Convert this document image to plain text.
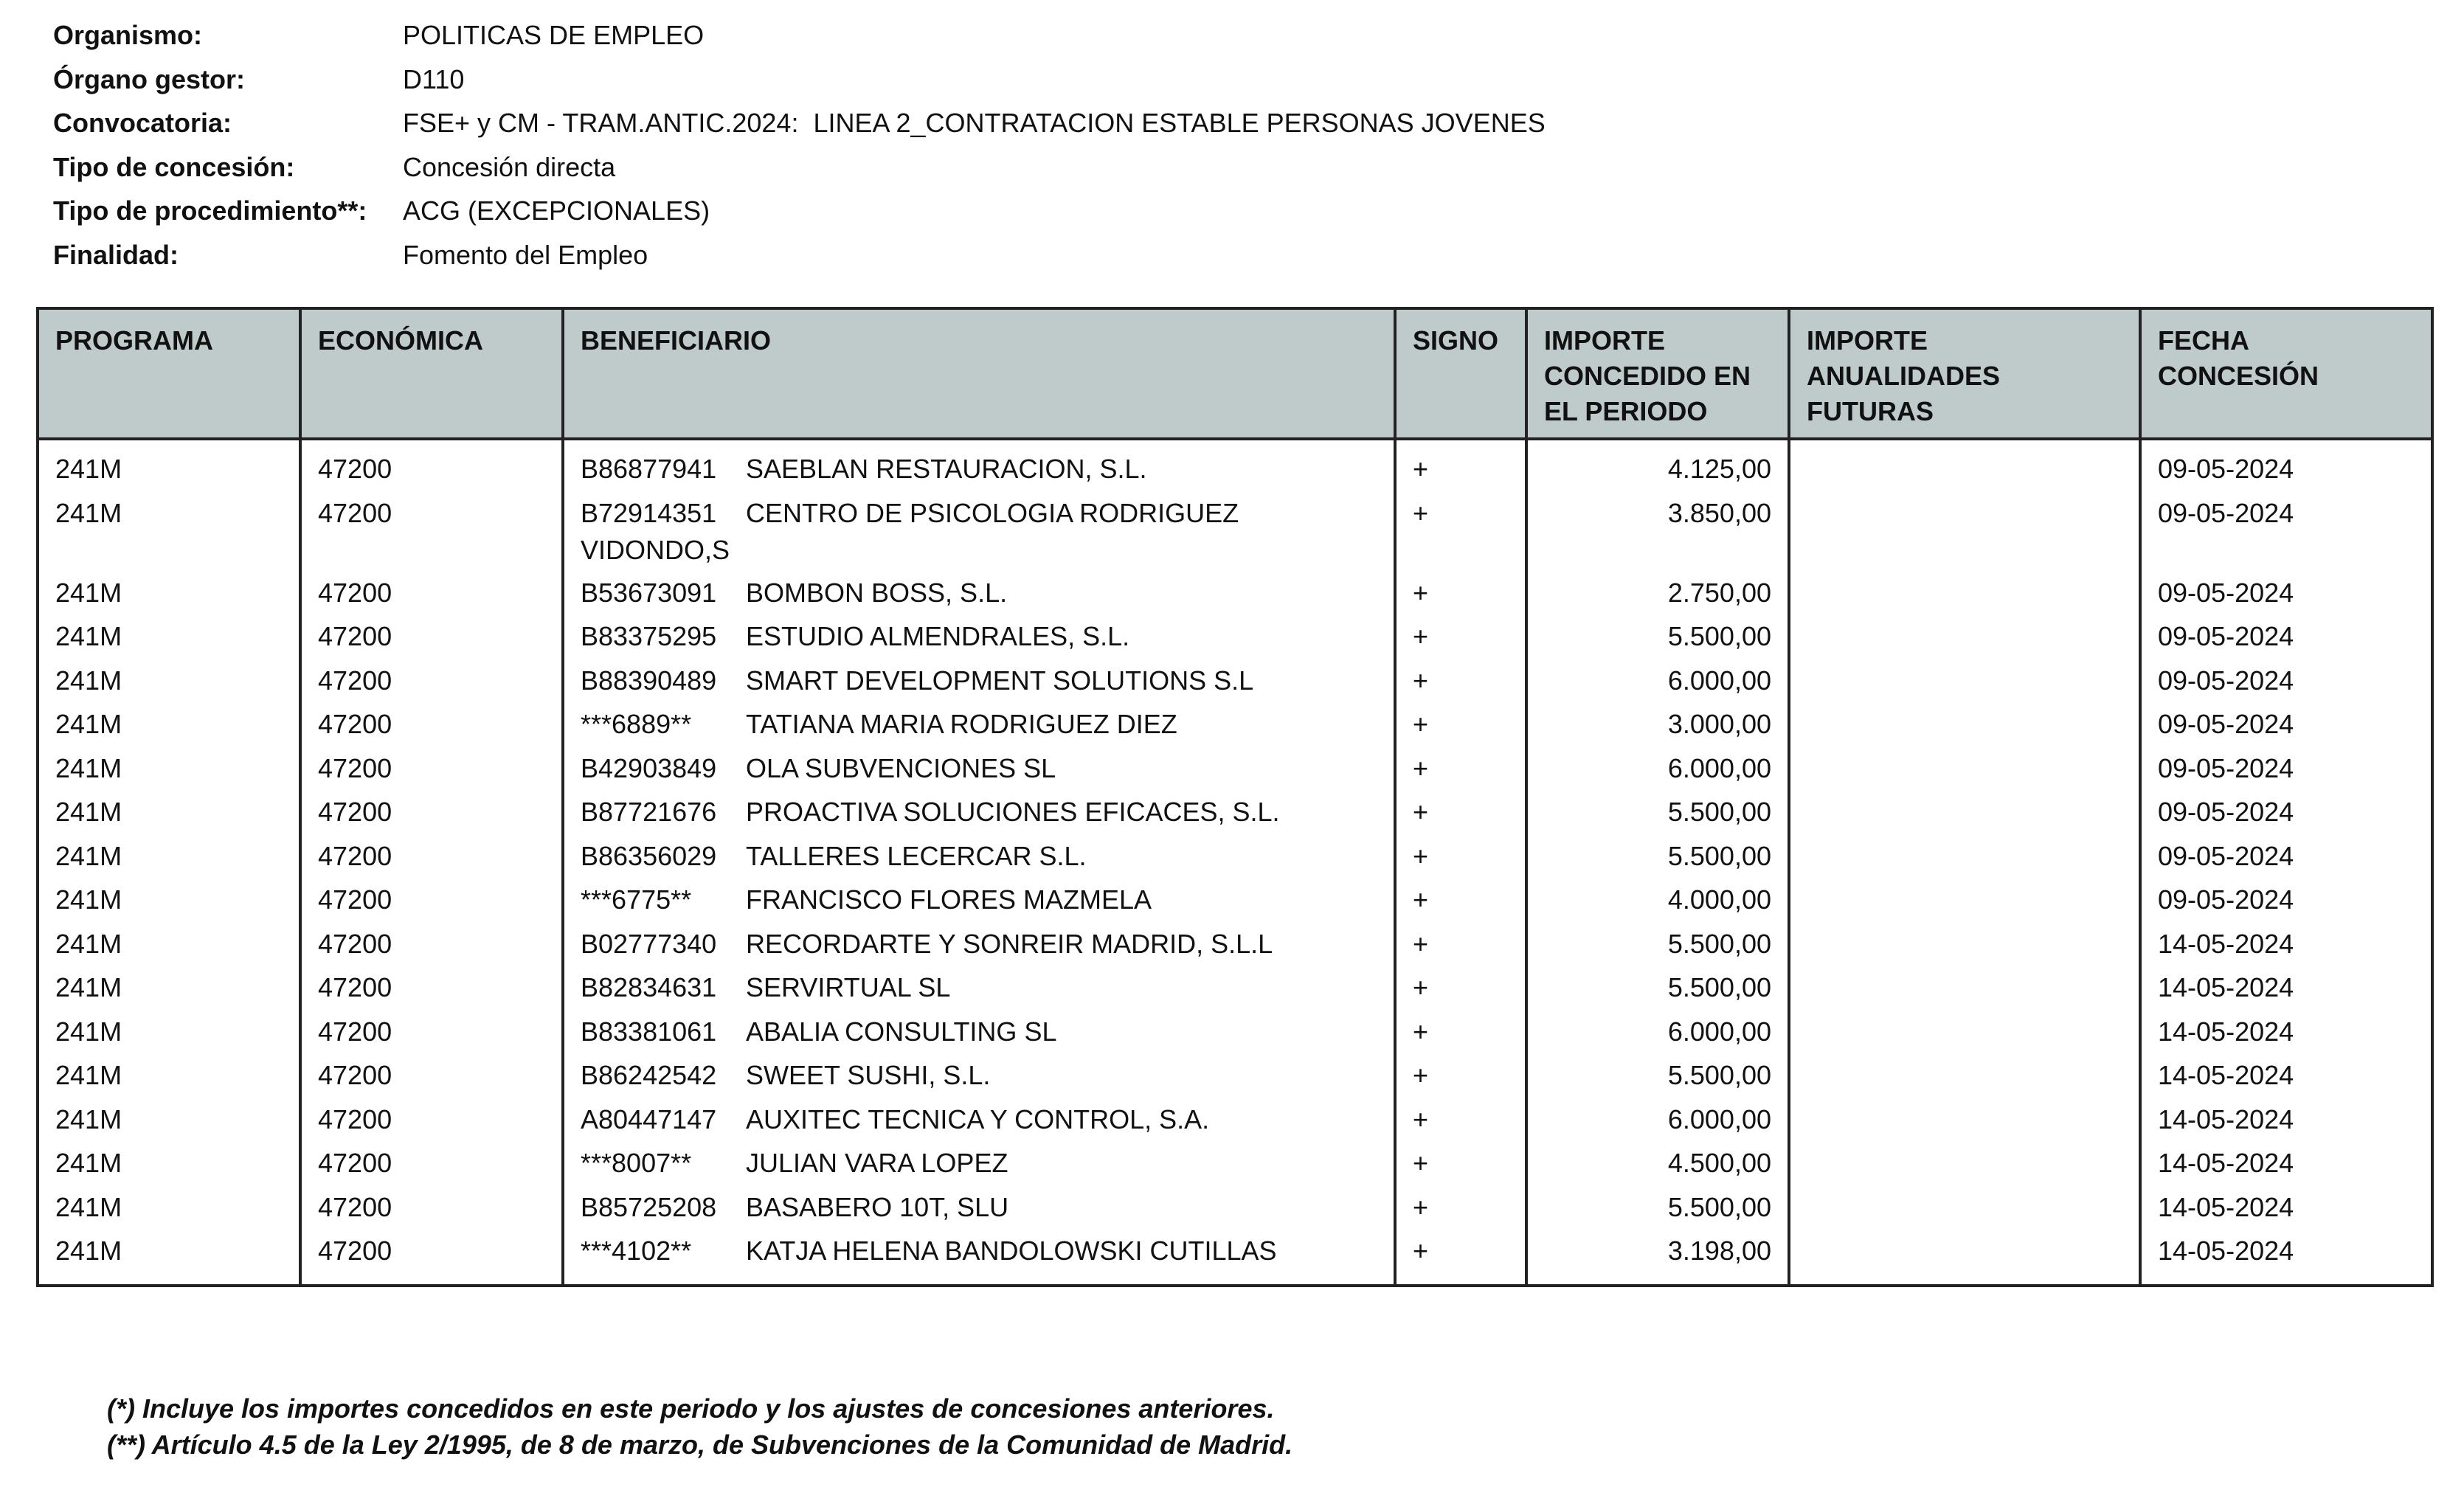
Organismo:	POLITICAS DE EMPLEO
Órgano gestor:	D110
Convocatoria:	FSE+ y CM - TRAM.ANTIC.2024:  LINEA 2_CONTRATACION ESTABLE PERSONAS JOVENES
Tipo de concesión:	Concesión directa
Tipo de procedimiento**:	ACG (EXCEPCIONALES)
Finalidad:	Fomento del Empleo
PROGRAMA	ECONÓMICA	BENEFICIARIO	SIGNO	IMPORTE CONCEDIDO EN EL PERIODO	IMPORTE ANUALIDADES FUTURAS	FECHA CONCESIÓN
241M	47200	B86877941 SAEBLAN RESTAURACION, S.L.	+	4.125,00		09-05-2024
241M	47200	B72914351 CENTRO DE PSICOLOGIA RODRIGUEZ VIDONDO,S	+	3.850,00		09-05-2024
241M	47200	B53673091 BOMBON BOSS, S.L.	+	2.750,00		09-05-2024
241M	47200	B83375295 ESTUDIO ALMENDRALES, S.L.	+	5.500,00		09-05-2024
241M	47200	B88390489 SMART DEVELOPMENT SOLUTIONS S.L	+	6.000,00		09-05-2024
241M	47200	***6889** TATIANA MARIA RODRIGUEZ DIEZ	+	3.000,00		09-05-2024
241M	47200	B42903849 OLA SUBVENCIONES SL	+	6.000,00		09-05-2024
241M	47200	B87721676 PROACTIVA SOLUCIONES EFICACES, S.L.	+	5.500,00		09-05-2024
241M	47200	B86356029 TALLERES LECERCAR S.L.	+	5.500,00		09-05-2024
241M	47200	***6775** FRANCISCO FLORES MAZMELA	+	4.000,00		09-05-2024
241M	47200	B02777340 RECORDARTE Y SONREIR MADRID, S.L.L	+	5.500,00		14-05-2024
241M	47200	B82834631 SERVIRTUAL SL	+	5.500,00		14-05-2024
241M	47200	B83381061 ABALIA CONSULTING SL	+	6.000,00		14-05-2024
241M	47200	B86242542 SWEET SUSHI, S.L.	+	5.500,00		14-05-2024
241M	47200	A80447147 AUXITEC TECNICA Y CONTROL, S.A.	+	6.000,00		14-05-2024
241M	47200	***8007** JULIAN VARA LOPEZ	+	4.500,00		14-05-2024
241M	47200	B85725208 BASABERO 10T, SLU	+	5.500,00		14-05-2024
241M	47200	***4102** KATJA HELENA BANDOLOWSKI CUTILLAS	+	3.198,00		14-05-2024

(*) Incluye los importes concedidos en este periodo y los ajustes de concesiones anteriores.
(**) Artículo 4.5 de la Ley 2/1995, de 8 de marzo, de Subvenciones de la Comunidad de Madrid.
